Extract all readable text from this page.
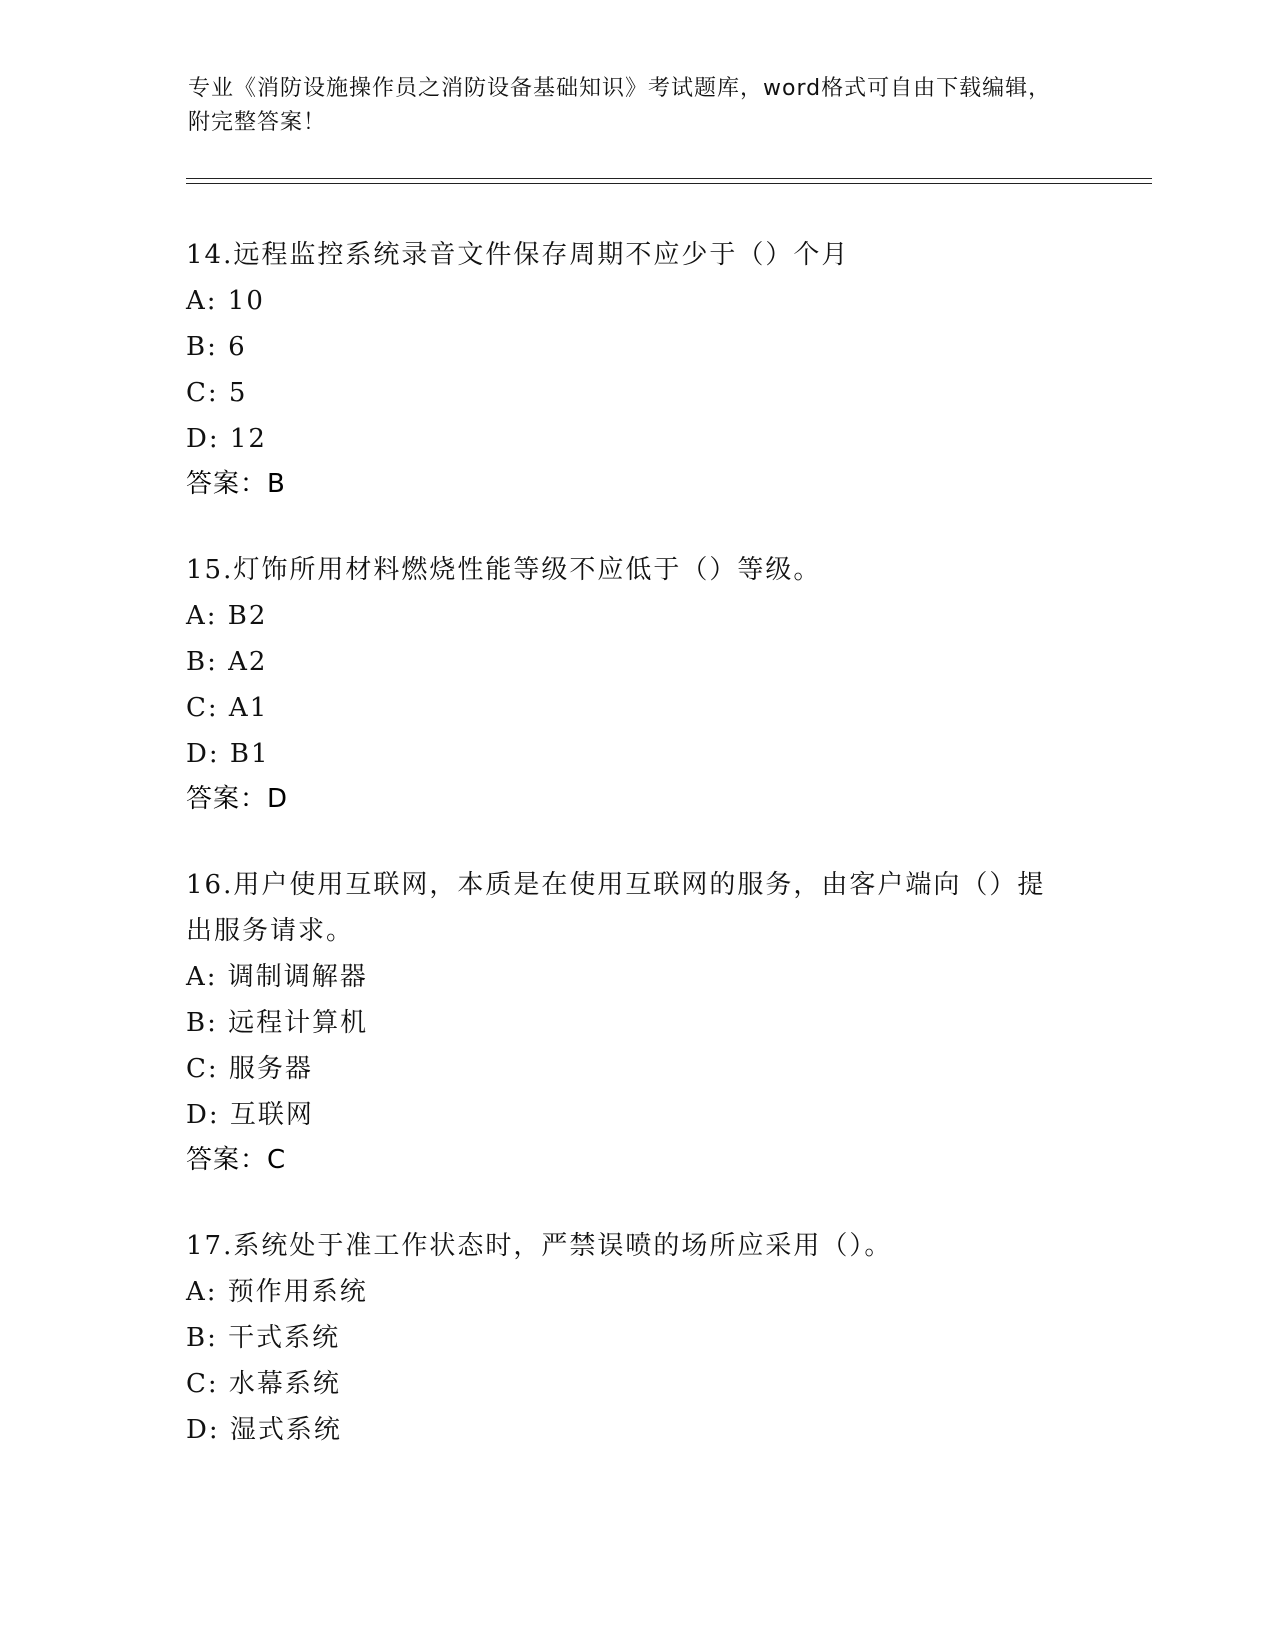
专业《消防设施操作员之消防设备基础知识》考试题库，word格式可自由下载编辑，附完整答案！
14.远程监控系统录音文件保存周期不应少于（）个月
A: 10
B: 6
C: 5
D: 12
答案：B
15.灯饰所用材料燃烧性能等级不应低于（）等级。
A: B2
B: A2
C: A1
D: B1
答案：D
16.用户使用互联网，本质是在使用互联网的服务，由客户端向（）提出服务请求。
A: 调制调解器
B: 远程计算机
C: 服务器
D: 互联网
答案：C
17.系统处于准工作状态时，严禁误喷的场所应采用（）。
A: 预作用系统
B: 干式系统
C: 水幕系统
D: 湿式系统
